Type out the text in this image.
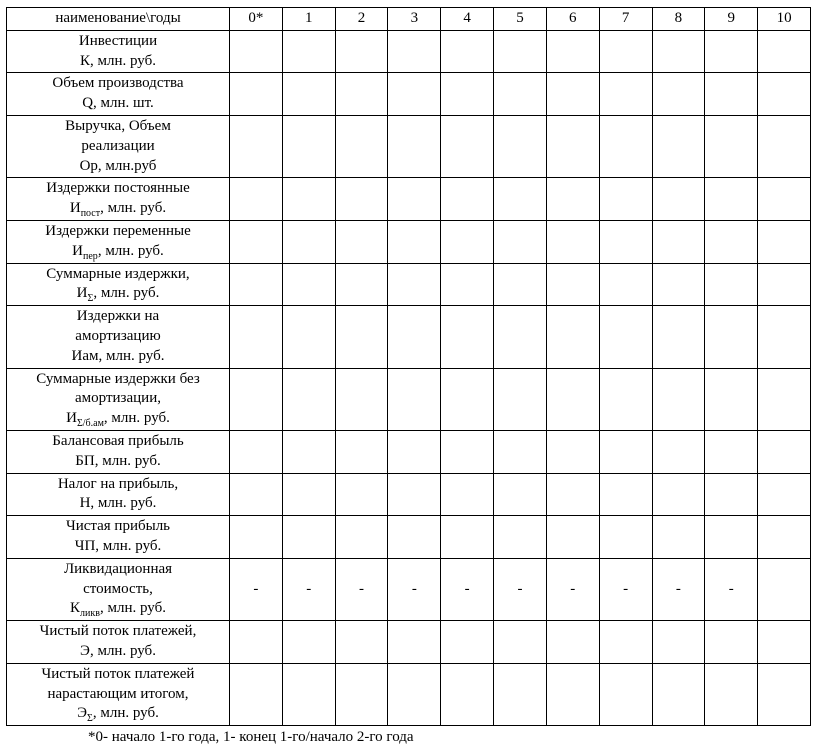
наименование\годы	0*	1	2	3	4	5	6	7	8	9	10

Инвестиции
К, млн. руб.											

Объем производства
Q, млн. шт.											

Выручка, Объем
реализации
Ор, млн.руб											

Издержки постоянные
$И_{пост}$, млн. руб.											

Издержки переменные
$И_{пер}$, млн. руб.											

Суммарные издержки,
$И_\Sigma$, млн. руб.											

Издержки на
амортизацию
Иам, млн. руб.											

Суммарные издержки без
амортизации,
$И_{\Sigma/б.ам}$, млн. руб.											

Балансовая прибыль
БП, млн. руб.											

Налог на прибыль,
Н, млн. руб.											

Чистая прибыль
ЧП, млн. руб.											

Ликвидационная
стоимость,
$К_{ликв}$, млн. руб.	-	-	-	-	-	-	-	-	-	-	

Чистый поток платежей,
Э, млн. руб.											

Чистый поток платежей
нарастающим итогом,
$Э_\Sigma$, млн. руб.											

*0- начало 1-го года, 1- конец 1-го/начало 2-го года
